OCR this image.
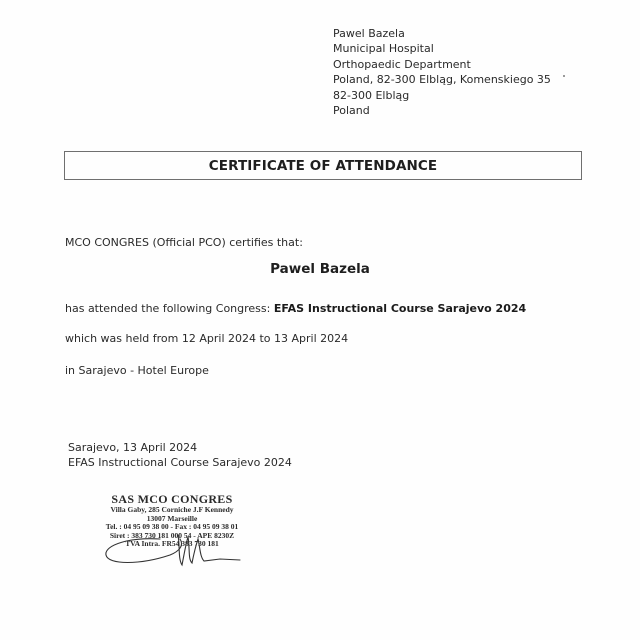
Pawel Bazela
Municipal Hospital
Orthopaedic Department
Poland, 82-300 Elbląg, Komenskiego 35
82-300 Elbląg
Poland
CERTIFICATE OF ATTENDANCE
MCO CONGRES (Official PCO) certifies that:
Pawel Bazela
has attended the following Congress: EFAS Instructional Course Sarajevo 2024
which was held from 12 April 2024 to 13 April 2024
in Sarajevo - Hotel Europe
Sarajevo, 13 April 2024
EFAS Instructional Course Sarajevo 2024
SAS MCO CONGRES
Villa Gaby, 285 Corniche J.F Kennedy
13007 Marseille
Tel. : 04 95 09 38 00 - Fax : 04 95 09 38 01
Siret : 383 730 181 000 54 - APE 8230Z
TVA Intra. FR54 383 730 181
